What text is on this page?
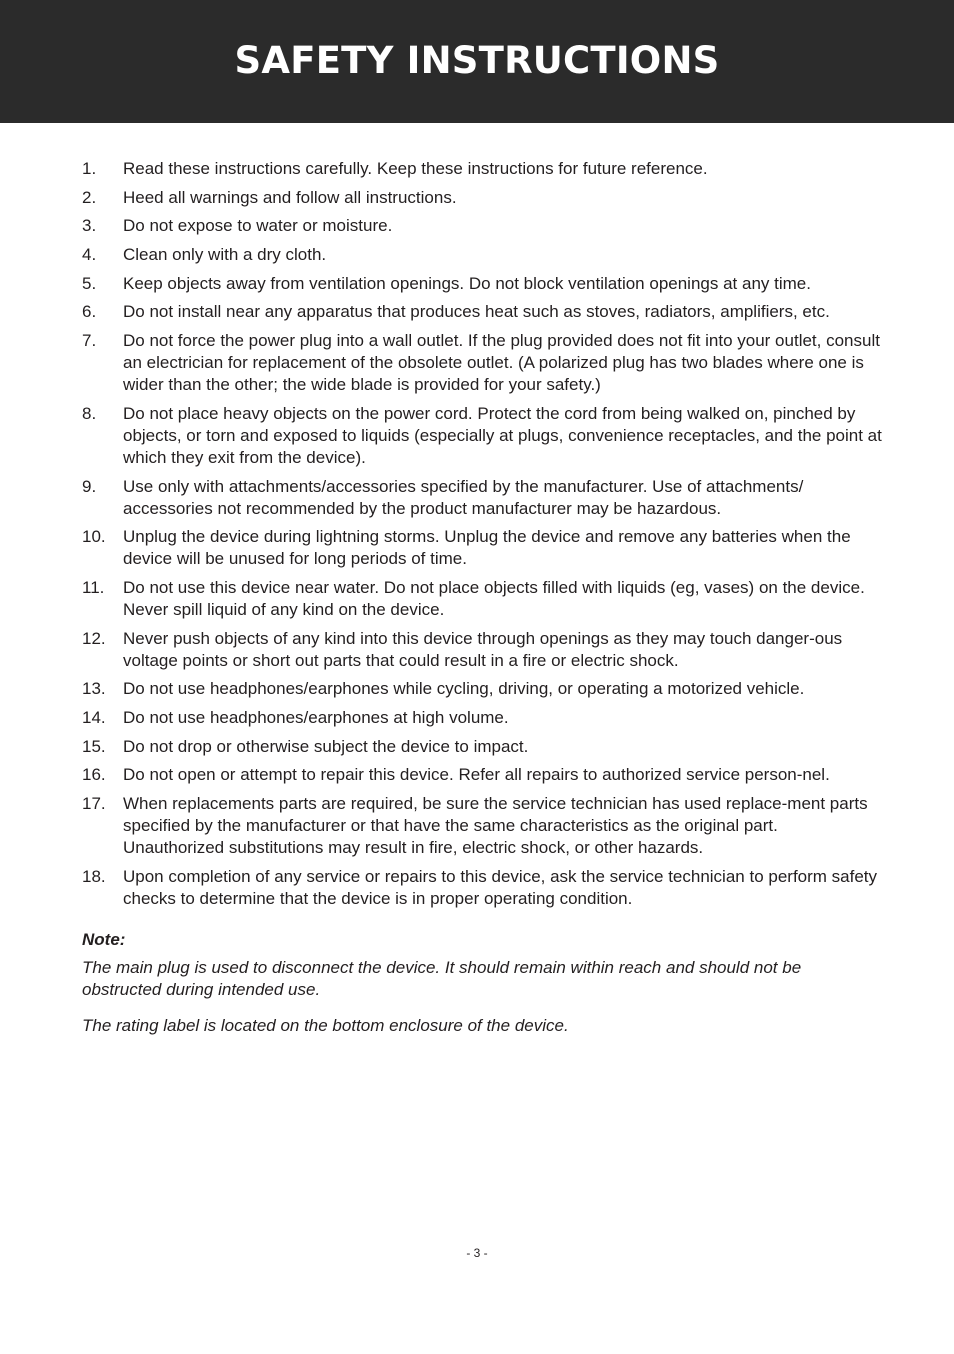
SAFETY INSTRUCTIONS
1.	Read these instructions carefully. Keep these instructions for future reference.
2.	Heed all warnings and follow all instructions.
3.	Do not expose to water or moisture.
4.	Clean only with a dry cloth.
5.	Keep objects away from ventilation openings. Do not block ventilation openings at any time.
6.	Do not install near any apparatus that produces heat such as stoves, radiators, amplifiers, etc.
7.	Do not force the power plug into a wall outlet. If the plug provided does not fit into your outlet, consult an electrician for replacement of the obsolete outlet. (A polarized plug has two blades where one is wider than the other; the wide blade is provided for your safety.)
8.	Do not place heavy objects on the power cord. Protect the cord from being walked on, pinched by objects, or torn and exposed to liquids (especially at plugs, convenience receptacles, and the point at which they exit from the device).
9.	Use only with attachments/accessories specified by the manufacturer. Use of attachments/ accessories not recommended by the product manufacturer may be hazardous.
10.	Unplug the device during lightning storms. Unplug the device and remove any batteries when the device will be unused for long periods of time.
11.	Do not use this device near water. Do not place objects filled with liquids (eg, vases) on the device. Never spill liquid of any kind on the device.
12.	Never push objects of any kind into this device through openings as they may touch danger-ous voltage points or short out parts that could result in a fire or electric shock.
13.	Do not use headphones/earphones while cycling, driving, or operating a motorized vehicle.
14.	Do not use headphones/earphones at high volume.
15.	Do not drop or otherwise subject the device to impact.
16.	Do not open or attempt to repair this device. Refer all repairs to authorized service person-nel.
17.	When replacements parts are required, be sure the service technician has used replace-ment parts specified by the manufacturer or that have the same characteristics as the original part. Unauthorized substitutions may result in fire, electric shock, or other hazards.
18.	Upon completion of any service or repairs to this device, ask the service technician to perform safety checks to determine that the device is in proper operating condition.

Note:

The main plug is used to disconnect the device. It should remain within reach and should not be obstructed during intended use.

The rating label is located on the bottom enclosure of the device.

- 3 -
